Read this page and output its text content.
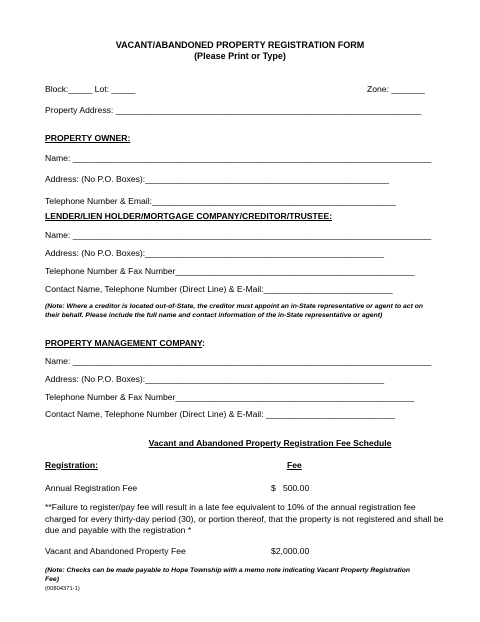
VACANT/ABANDONED PROPERTY REGISTRATION FORM
(Please Print or Type)
Block:_____ Lot: _____	Zone: _______
Property Address: ________________________________________________________________
PROPERTY OWNER:
Name: ___________________________________________________________________________
Address: (No P.O. Boxes):___________________________________________________
Telephone Number & Email:___________________________________________________
LENDER/LIEN HOLDER/MORTGAGE COMPANY/CREDITOR/TRUSTEE:
Name: ___________________________________________________________________________
Address: (No P.O. Boxes):__________________________________________________
Telephone Number & Fax Number__________________________________________________
Contact Name, Telephone Number (Direct Line) & E-Mail:___________________________
(Note: Where a creditor is located out-of-State, the creditor must appoint an in-State representative or agent to act on their behalf. Please include the full name and contact information of the in-State representative or agent)
PROPERTY MANAGEMENT COMPANY:
Name: ___________________________________________________________________________
Address: (No P.O. Boxes):__________________________________________________
Telephone Number & Fax Number__________________________________________________
Contact Name, Telephone Number (Direct Line) & E-Mail: ___________________________
Vacant and Abandoned Property Registration Fee Schedule
Registration:	Fee
Annual Registration Fee	$   500.00
**Failure to register/pay fee will result in a late fee equivalent to 10% of the annual registration fee charged for every thirty-day period (30), or portion thereof, that the property is not registered and shall be due and payable with the registration *
Vacant and Abandoned Property Fee	$2,000.00
(Note: Checks can be made payable to Hope Township with a memo note indicating Vacant Property Registration Fee)
(00804371-1)
